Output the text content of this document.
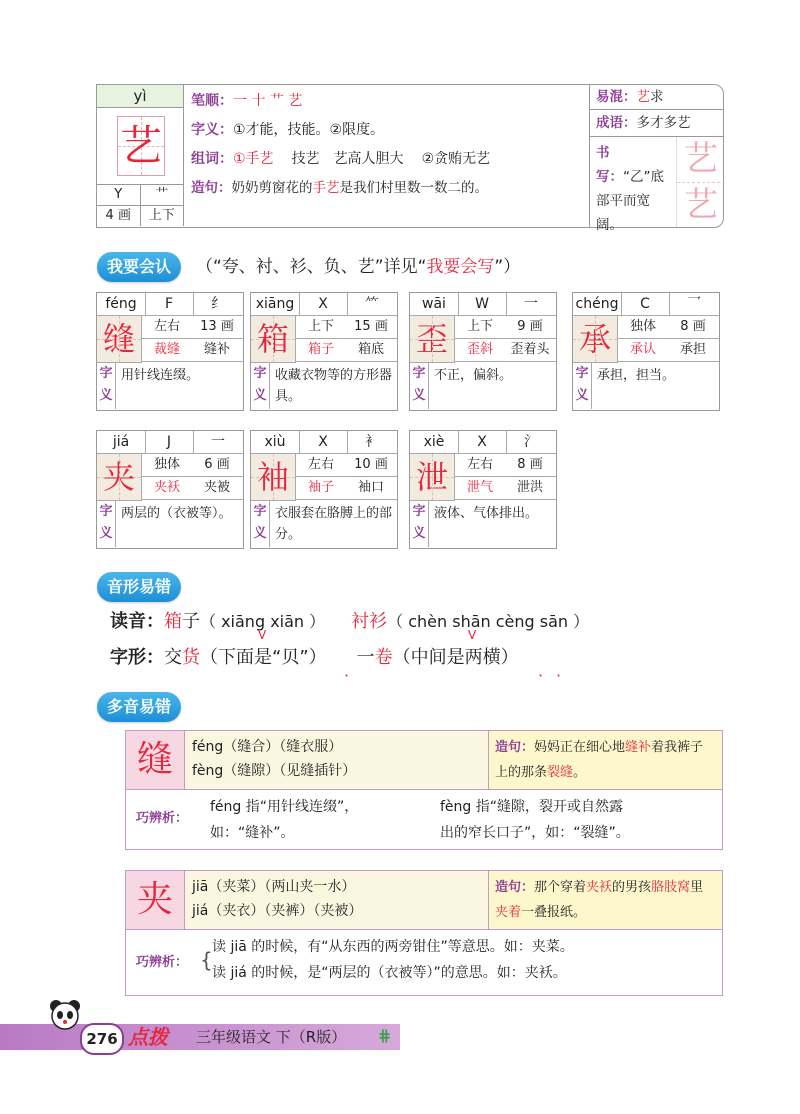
yì
艺
Y	艹
4 画	上下
笔顺：一 十 艹 艺
字义：①才能，技能。②限度。
组词：①手艺 技艺 艺高人胆大 ②贪贿无艺
造句：奶奶剪窗花的手艺是我们村里数一数二的。
易混：艺求
成语：多才多艺
书写：“乙”底部平而宽阔。
艺
艺
我要会认	（“夸、衬、衫、负、艺”详见“我要会写”）
féng	F	纟
缝	左右	13 画
裁缝	缝补
字
义
用针线连缀。
xiāng	X	⺮
箱	上下	15 画
箱子	箱底
字
义
收藏衣物等的方形器具。
wāi	W	一
歪	上下	9 画
歪斜	歪着头
字
义
不正，偏斜。
chéng	C	乛
承	独体	8 画
承认	承担
字
义
承担，担当。
jiá	J	一
夹	独体	6 画
夹袄	夹被
字
义
两层的（衣被等）。
xiù	X	衤
袖	左右	10 画
袖子	袖口
字
义
衣服套在胳膊上的部分。
xiè	X	氵
泄	左右	8 画
泄气	泄洪
字
义
液体、气体排出。
音形易错
读音：箱子（ xiāng xiān ） 衬衫（ chèn shān cèng sān ）
V	V
字形：交货（下面是“贝”） 一卷（中间是两横）
·	· ·
多音易错
缝	féng（缝合）（缝衣服）
fèng（缝隙）（见缝插针）
造句：妈妈正在细心地缝补着我裤子上的那条裂缝。
巧辨析：
féng 指“用针线连缀”，
如：“缝补”。
fèng 指“缝隙，裂开或自然露
出的窄长口子”，如：“裂缝”。
夹	jiā（夹菜）（两山夹一水）
jiá（夹衣）（夹裤）（夹被）
造句：那个穿着夹袄的男孩胳肢窝里夹着一叠报纸。
巧辨析： {
读 jiā 的时候，有“从东西的两旁钳住”等意思。如：夹菜。
读 jiá 的时候，是“两层的（衣被等）”的意思。如：夹袄。
276 点拨 三年级语文 下（R版） ⋕
